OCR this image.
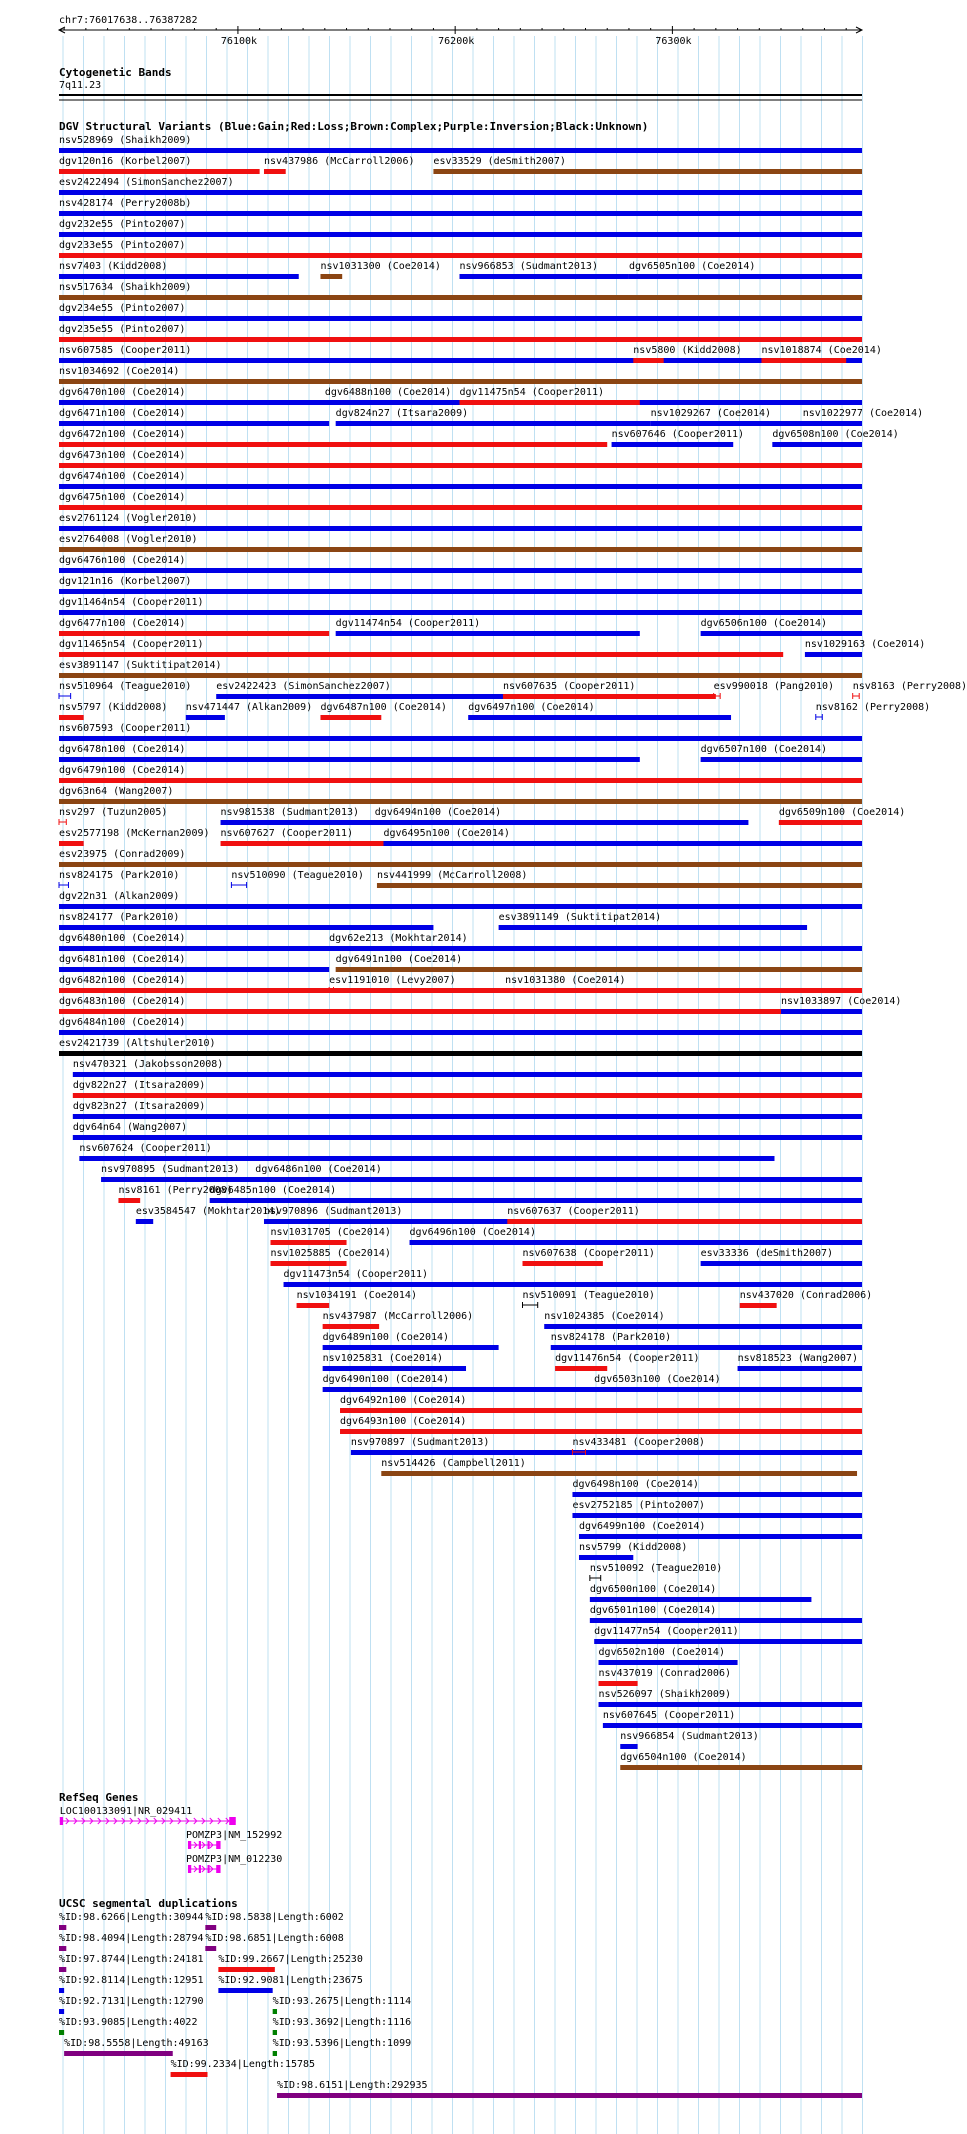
chr7:76017638..76387282
Cytogenetic Bands
7q11.23
DGV Structural Variants (Blue:Gain;Red:Loss;Brown:Complex;Purple:Inversion;Black:Unknown)
RefSeq Genes
UCSC segmental duplications
76100k	76200k	76300k
nsv528969 (Shaikh2009)
dgv120n16 (Korbel2007)	nsv437986 (McCarroll2006) esv33529 (deSmith2007)
esv2422494 (SimonSanchez2007)
nsv428174 (Perry2008b)
dgv232e55 (Pinto2007)
dgv233e55 (Pinto2007)
nsv7403 (Kidd2008)	nsv1031300 (Coe2014) nsv966853 (Sudmant2013)	dgv6505n100 (Coe2014)
nsv517634 (Shaikh2009)
dgv234e55 (Pinto2007)
dgv235e55 (Pinto2007)
nsv607585 (Cooper2011)	nsv5800 (Kidd2008) nsv1018874 (Coe2014)
nsv1034692 (Coe2014)
dgv6470n100 (Coe2014)	dgv6488n100 (Coe2014) dgv11475n54 (Cooper2011)
dgv6471n100 (Coe2014)	dgv824n27 (Itsara2009)	nsv1029267 (Coe2014)	nsv1022977 (Coe2014)
dgv6472n100 (Coe2014)	nsv607646 (Cooper2011)	dgv6508n100 (Coe2014)
dgv6473n100 (Coe2014)
dgv6474n100 (Coe2014)
dgv6475n100 (Coe2014)
esv2761124 (Vogler2010)
esv2764008 (Vogler2010)
dgv6476n100 (Coe2014)
dgv121n16 (Korbel2007)
dgv11464n54 (Cooper2011)
dgv6477n100 (Coe2014)	dgv11474n54 (Cooper2011)	dgv6506n100 (Coe2014)
dgv11465n54 (Cooper2011)	nsv1029163 (Coe2014)
esv3891147 (Suktitipat2014)
nsv510964 (Teague2010) esv2422423 (SimonSanchez2007)	nsv607635 (Cooper2011)	esv990018 (Pang2010) nsv8163 (Perry2008)
nsv5797 (Kidd2008) nsv471447 (Alkan2009) dgv6487n100 (Coe2014) dgv6497n100 (Coe2014)	nsv8162 (Perry2008)
nsv607593 (Cooper2011)
dgv6478n100 (Coe2014)	dgv6507n100 (Coe2014)
dgv6479n100 (Coe2014)
dgv63n64 (Wang2007)
nsv297 (Tuzun2005)	nsv981538 (Sudmant2013) dgv6494n100 (Coe2014)	dgv6509n100 (Coe2014)
esv2577198 (McKernan2009) nsv607627 (Cooper2011)	dgv6495n100 (Coe2014)
esv23975 (Conrad2009)
nsv824175 (Park2010)	nsv510090 (Teague2010) nsv441999 (McCarroll2008)
dgv22n31 (Alkan2009)
nsv824177 (Park2010)	esv3891149 (Suktitipat2014)
dgv6480n100 (Coe2014)	dgv62e213 (Mokhtar2014)
dgv6481n100 (Coe2014)	dgv6491n100 (Coe2014)
dgv6482n100 (Coe2014)	esv1191010 (Levy2007)	nsv1031380 (Coe2014)
dgv6483n100 (Coe2014)	nsv1033897 (Coe2014)
dgv6484n100 (Coe2014)
esv2421739 (Altshuler2010)
nsv470321 (Jakobsson2008)
dgv822n27 (Itsara2009)
dgv823n27 (Itsara2009)
dgv64n64 (Wang2007)
nsv607624 (Cooper2011)
nsv970895 (Sudmant2013) dgv6486n100 (Coe2014)
nsv8161 (Perry2008)
dgv6485n100 (Coe2014)
esv3584547 (Mokhtar2014)
nsv970896 (Sudmant2013)	nsv607637 (Cooper2011)
nsv1031705 (Coe2014) dgv6496n100 (Coe2014)
nsv1025885 (Coe2014)	nsv607638 (Cooper2011)	esv33336 (deSmith2007)
dgv11473n54 (Cooper2011)
nsv1034191 (Coe2014)	nsv510091 (Teague2010)	nsv437020 (Conrad2006)
nsv437987 (McCarroll2006)	nsv1024385 (Coe2014)
dgv6489n100 (Coe2014)	nsv824178 (Park2010)
nsv1025831 (Coe2014)	dgv11476n54 (Cooper2011)	nsv818523 (Wang2007)
dgv6490n100 (Coe2014)	dgv6503n100 (Coe2014)
dgv6492n100 (Coe2014)
dgv6493n100 (Coe2014)
nsv970897 (Sudmant2013)	nsv433481 (Cooper2008)
nsv514426 (Campbell2011)
dgv6498n100 (Coe2014)
esv2752185 (Pinto2007)
dgv6499n100 (Coe2014)
nsv5799 (Kidd2008)
nsv510092 (Teague2010)
dgv6500n100 (Coe2014)
dgv6501n100 (Coe2014)
dgv11477n54 (Cooper2011)
dgv6502n100 (Coe2014)
nsv437019 (Conrad2006)
nsv526097 (Shaikh2009)
nsv607645 (Cooper2011)
nsv966854 (Sudmant2013)
dgv6504n100 (Coe2014)
LOC100133091|NR_029411
POMZP3|NM_152992
POMZP3|NM_012230
%ID:98.6266|Length:30944 %ID:98.5838|Length:6002
%ID:98.4094|Length:28794 %ID:98.6851|Length:6008
%ID:97.8744|Length:24181 %ID:99.2667|Length:25230
%ID:92.8114|Length:12951 %ID:92.9081|Length:23675
%ID:92.7131|Length:12790	%ID:93.2675|Length:1114
%ID:93.9085|Length:4022	%ID:93.3692|Length:1116
%ID:98.5558|Length:49163	%ID:93.5396|Length:1099
%ID:99.2334|Length:15785
%ID:98.6151|Length:292935
